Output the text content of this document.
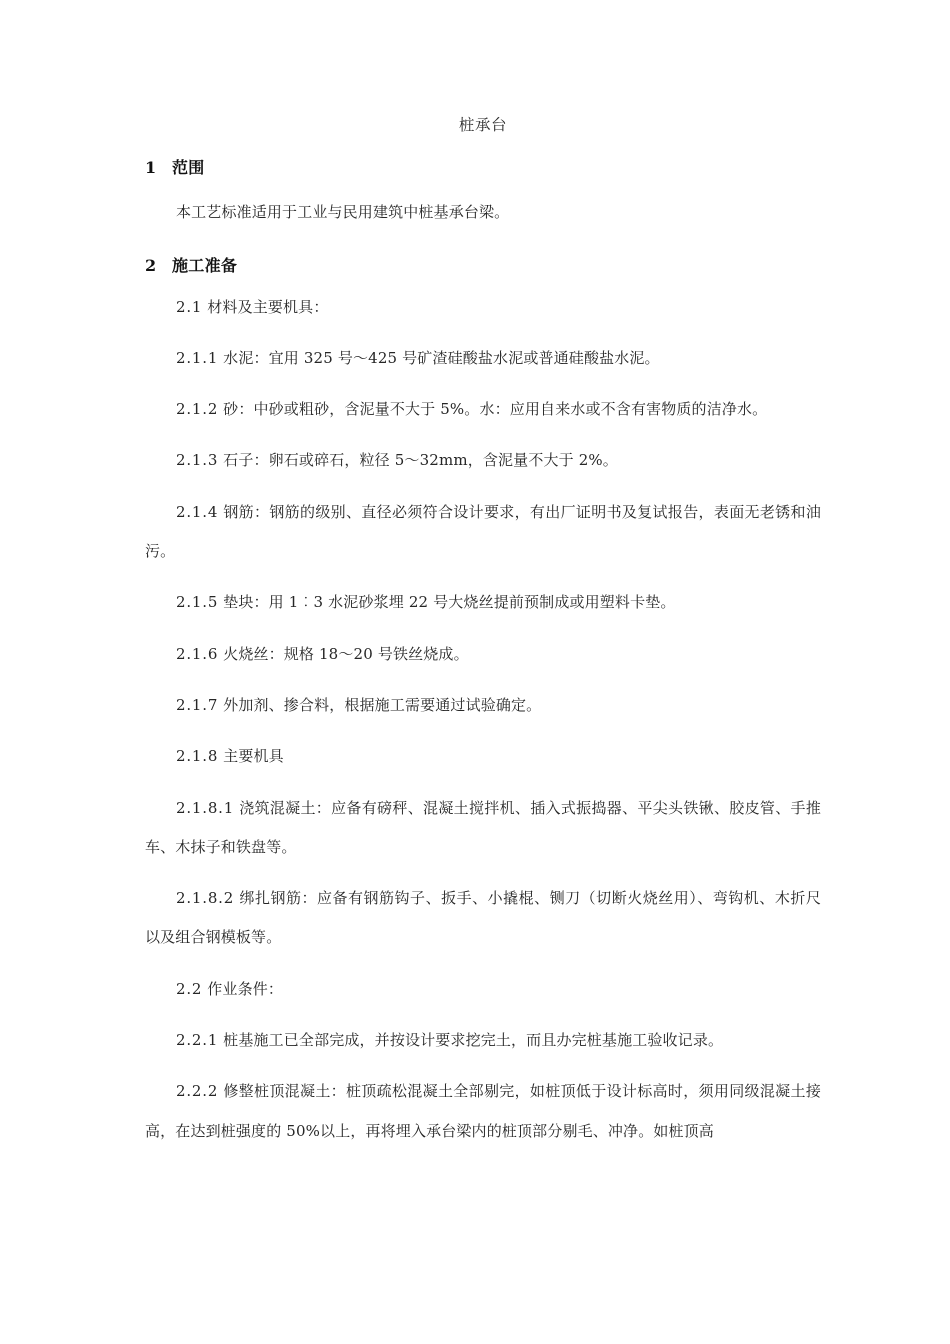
桩承台
1 范围
本工艺标准适用于工业与民用建筑中桩基承台梁。
2 施工准备
2.1 材料及主要机具：
2.1.1 水泥：宜用 325 号～425 号矿渣硅酸盐水泥或普通硅酸盐水泥。
2.1.2 砂：中砂或粗砂，含泥量不大于 5%。水：应用自来水或不含有害物质的洁净水。
2.1.3 石子：卵石或碎石，粒径 5～32mm，含泥量不大于 2%。
2.1.4 钢筋：钢筋的级别、直径必须符合设计要求，有出厂证明书及复试报告，表面无老锈和油污。
2.1.5 垫块：用 1︰3 水泥砂浆埋 22 号大烧丝提前预制成或用塑料卡垫。
2.1.6 火烧丝：规格 18～20 号铁丝烧成。
2.1.7 外加剂、掺合料，根据施工需要通过试验确定。
2.1.8 主要机具
2.1.8.1 浇筑混凝土：应备有磅秤、混凝土搅拌机、插入式振捣器、平尖头铁锹、胶皮管、手推车、木抹子和铁盘等。
2.1.8.2 绑扎钢筋：应备有钢筋钩子、扳手、小撬棍、铡刀（切断火烧丝用）、弯钩机、木折尺以及组合钢模板等。
2.2 作业条件：
2.2.1 桩基施工已全部完成，并按设计要求挖完土，而且办完桩基施工验收记录。
2.2.2 修整桩顶混凝土：桩顶疏松混凝土全部剔完，如桩顶低于设计标高时，须用同级混凝土接高，在达到桩强度的 50%以上，再将埋入承台梁内的桩顶部分剔毛、冲净。如桩顶高
